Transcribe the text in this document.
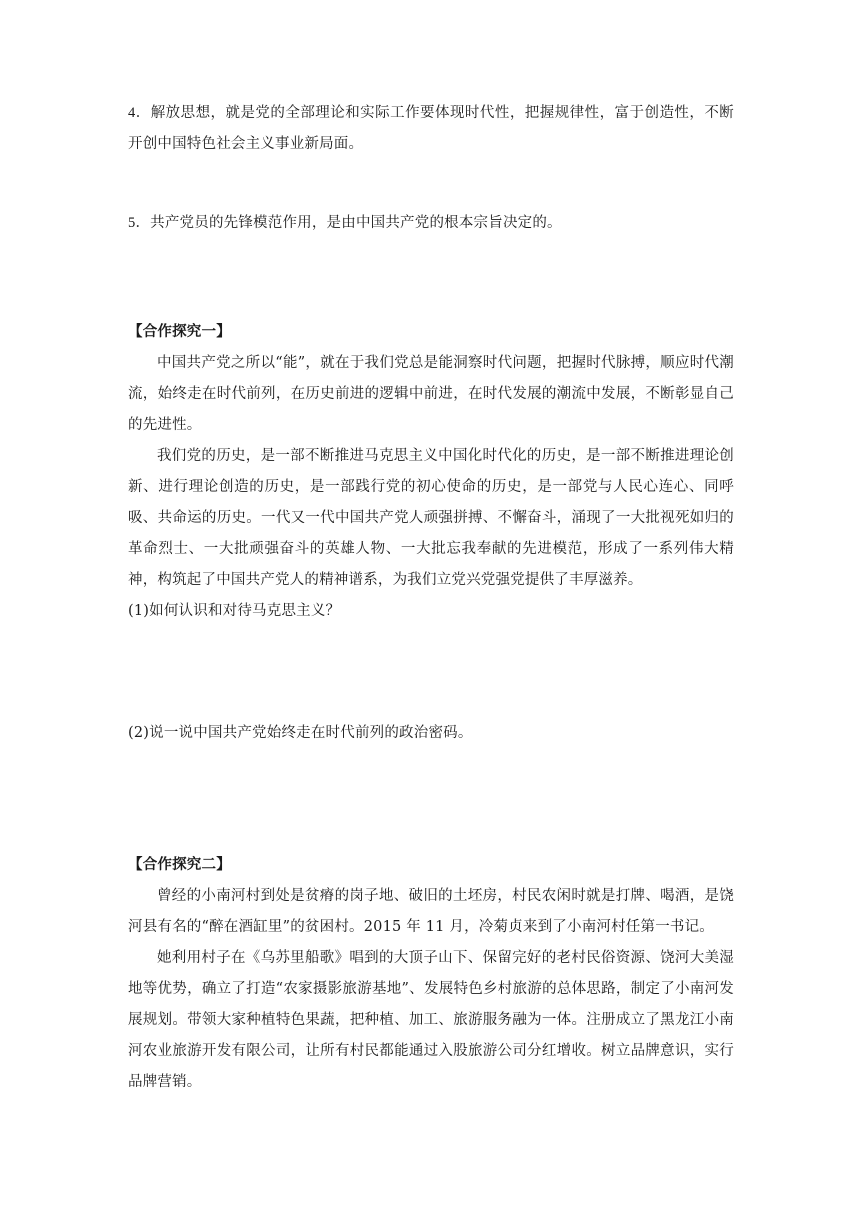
4．解放思想，就是党的全部理论和实际工作要体现时代性，把握规律性，富于创造性，不断开创中国特色社会主义事业新局面。

5．共产党员的先锋模范作用，是由中国共产党的根本宗旨决定的。

【合作探究一】

中国共产党之所以“能”，就在于我们党总是能洞察时代问题，把握时代脉搏，顺应时代潮流，始终走在时代前列，在历史前进的逻辑中前进，在时代发展的潮流中发展，不断彰显自己的先进性。

我们党的历史，是一部不断推进马克思主义中国化时代化的历史，是一部不断推进理论创新、进行理论创造的历史，是一部践行党的初心使命的历史，是一部党与人民心连心、同呼吸、共命运的历史。一代又一代中国共产党人顽强拼搏、不懈奋斗，涌现了一大批视死如归的革命烈士、一大批顽强奋斗的英雄人物、一大批忘我奉献的先进模范，形成了一系列伟大精神，构筑起了中国共产党人的精神谱系，为我们立党兴党强党提供了丰厚滋养。

(1)如何认识和对待马克思主义？

(2)说一说中国共产党始终走在时代前列的政治密码。

【合作探究二】

曾经的小南河村到处是贫瘠的岗子地、破旧的土坯房，村民农闲时就是打牌、喝酒，是饶河县有名的“醉在酒缸里”的贫困村。2015 年 11 月，冷菊贞来到了小南河村任第一书记。

她利用村子在《乌苏里船歌》唱到的大顶子山下、保留完好的老村民俗资源、饶河大美湿地等优势，确立了打造“农家摄影旅游基地”、发展特色乡村旅游的总体思路，制定了小南河发展规划。带领大家种植特色果蔬，把种植、加工、旅游服务融为一体。注册成立了黑龙江小南河农业旅游开发有限公司，让所有村民都能通过入股旅游公司分红增收。树立品牌意识，实行品牌营销。
